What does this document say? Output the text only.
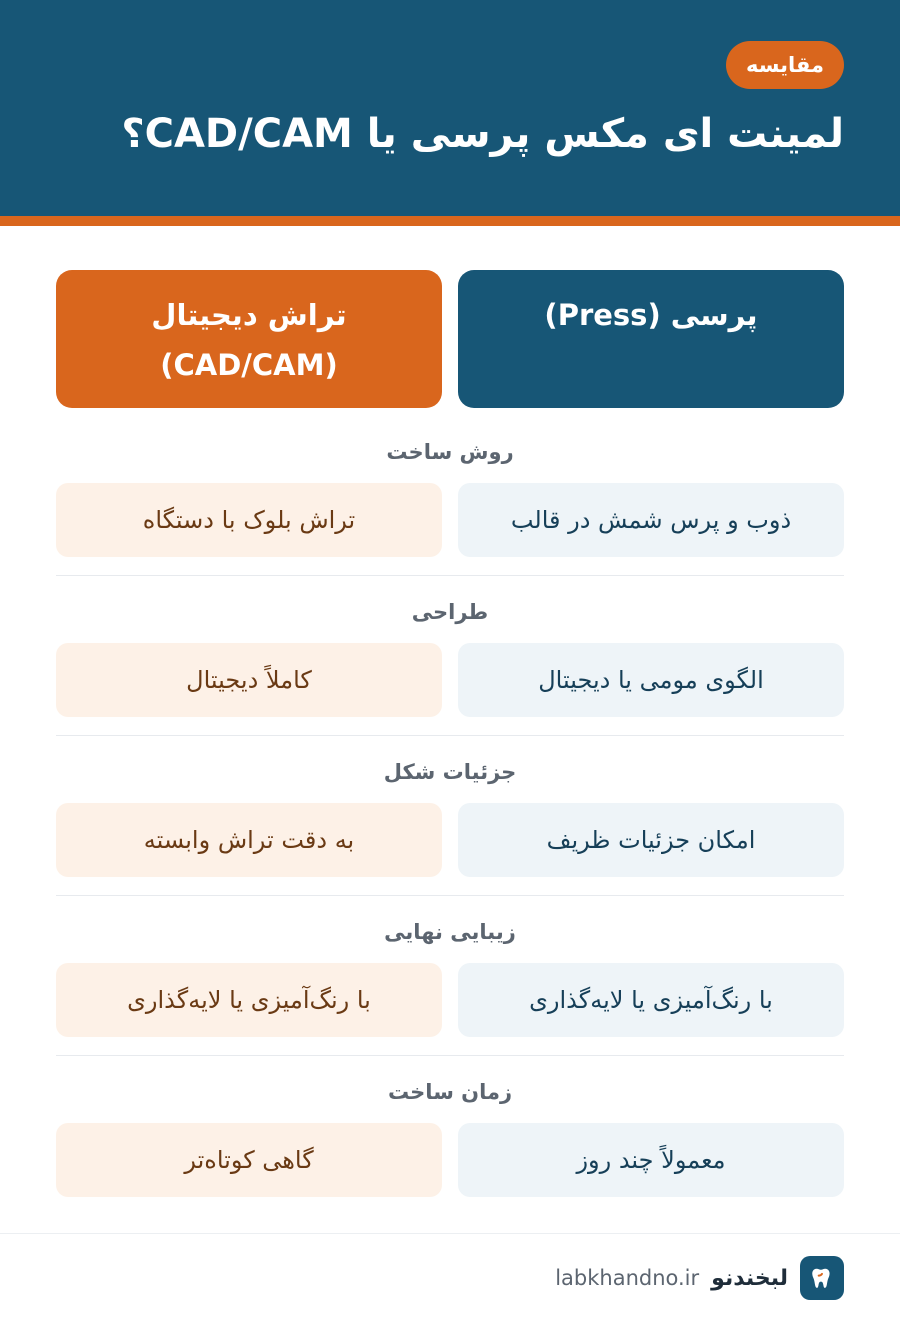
مقایسه
لمینت ای مکس پرسی یا CAD/CAM؟
پرسی (Press)
تراش دیجیتال
(CAD/CAM)
روش ساخت
ذوب و پرس شمش در قالب
تراش بلوک با دستگاه
طراحی
الگوی مومی یا دیجیتال
کاملاً دیجیتال
جزئیات شکل
امکان جزئیات ظریف
به دقت تراش وابسته
زیبایی نهایی
با رنگ‌آمیزی یا لایه‌گذاری
با رنگ‌آمیزی یا لایه‌گذاری
زمان ساخت
معمولاً چند روز
گاهی کوتاه‌تر
لبخندنو
labkhandno.ir
